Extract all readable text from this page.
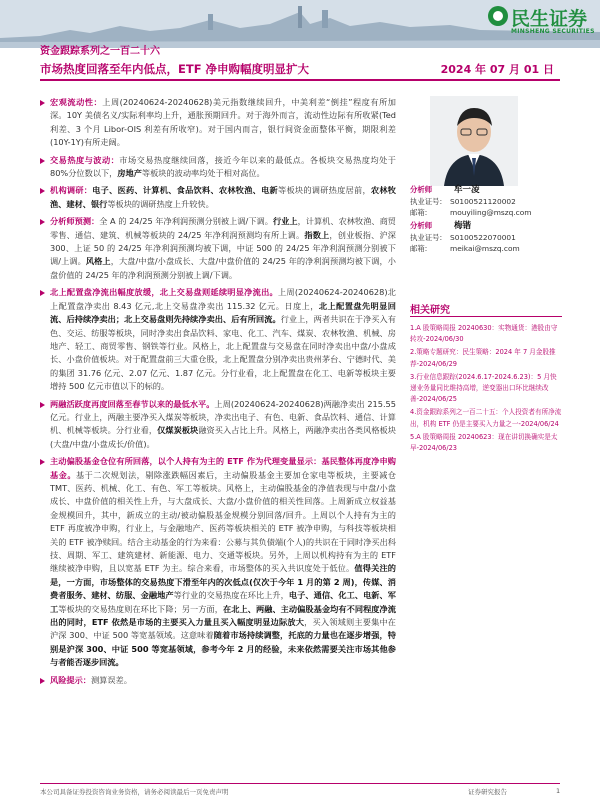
民生证券
MINSHENG SECURITIES
资金跟踪系列之一百二十六
市场热度回落至年内低点，ETF 净申购幅度明显扩大	2024 年 07 月 01 日

宏观流动性：上周(20240624-20240628)美元指数继续回升，中美利差“倒挂”程度有所加深。10Y 美债名义/实际利率均上升，通胀预期回升。对于海外而言，流动性边际有所收紧(Ted 利差、3 个月 Libor-OIS 利差有所收窄)。对于国内而言，银行间资金面整体平衡，期限利差(10Y-1Y)有所走阔。

交易热度与波动：市场交易热度继续回落，接近今年以来的最低点。各板块交易热度均处于 80%分位数以下，房地产等板块的波动率均处于相对高位。

机构调研：电子、医药、计算机、食品饮料、农林牧渔、电新等板块的调研热度居前，农林牧渔、建材、银行等板块的调研热度上升较快。

分析师预测：全 A 的 24/25 年净利润预测分别被上调/下调。行业上，计算机、农林牧渔、商贸零售、通信、建筑、机械等板块的 24/25 年净利润预测均有所上调。指数上，创业板指、沪深 300、上证 50 的 24/25 年净利润预测均被下调，中证 500 的 24/25 年净利润预测分别被下调/上调。风格上，大盘/中盘/小盘成长、大盘/中盘价值的 24/25 年的净利润预测均被下调，小盘价值的 24/25 年的净利润预测分别被上调/下调。

北上配置盘净流出幅度放缓，北上交易盘则延续明显净流出。上周(20240624-20240628)北上配置盘净卖出 8.43 亿元,北上交易盘净卖出 115.32 亿元。日度上，北上配置盘先明显回流、后持续净卖出；北上交易盘则先持续净卖出、后有所回流。行业上，两者共识在于净买入有色、交运、纺服等板块，同时净卖出食品饮料、家电、化工、汽车、煤炭、农林牧渔、机械、房地产、轻工、商贸零售、钢铁等行业。风格上，北上配置盘与交易盘在同时净卖出中盘/小盘成长、小盘价值板块。对于配置盘前三大重仓股，北上配置盘分别净卖出贵州茅台、宁德时代、美的集团 31.76 亿元、2.07 亿元、1.87 亿元。分行业看，北上配置盘在化工、电新等板块主要增持 500 亿元市值以下的标的。

两融活跃度再度回落至春节以来的最低水平。上周(20240624-20240628)两融净卖出 215.55 亿元。行业上，两融主要净买入煤炭等板块，净卖出电子、有色、电新、食品饮料、通信、计算机、机械等板块。分行业看，仅煤炭板块融资买入占比上升。风格上，两融净卖出各类风格板块(大盘/中盘/小盘成长/价值)。

主动偏股基金仓位有所回落，以个人持有为主的 ETF 作为代理变量显示：基民整体再度净申购基金。基于二次规划法，剔除涨跌幅因素后，主动偏股基金主要加仓家电等板块，主要减仓 TMT、医药、机械、化工、有色、军工等板块。风格上，主动偏股基金的净值表现与中盘/小盘成长、中盘价值的相关性上升，与大盘成长、大盘/小盘价值的相关性回落。上周新成立权益基金规模回升，其中，新成立的主动/被动偏股基金规模分别回落/回升。上周以个人持有为主的 ETF 再度被净申购，行业上，与金融地产、医药等板块相关的 ETF 被净申购，与科技等板块相关的 ETF 被净赎回。结合主动基金的行为来看：公募与其负债端(个人)的共识在于同时净买出科技、周期、军工、建筑建材、新能源、电力、交通等板块。另外，上周以机构持有为主的 ETF 继续被净申购，且以宽基 ETF 为主。综合来看，市场整体的买入共识度处于低位。值得关注的是，一方面，市场整体的交易热度下滑至年内的次低点(仅次于今年 1 月的第 2 周)，传媒、消费者服务、建材、纺服、金融地产等行业的交易热度在环比上升，电子、通信、化工、电新、军工等板块的交易热度则在环比下降；另一方面，在北上、两融、主动偏股基金均有不同程度净流出的同时，ETF 依然是市场的主要买入力量且买入幅度明显边际放大，买入领域则主要集中在沪深 300、中证 500 等宽基领域。这意味着随着市场持续调整，托底的力量也在逐步增强，特别是沪深 300、中证 500 等宽基领域，参考今年 2 月的经验，未来依然需要关注市场其他参与者能否逐步回流。

风险提示：测算误差。

分析师	牟一凌
执业证号: S0100521120002
邮箱:	mouyiling@mszq.com
分析师	梅锴
执业证号: S0100522070001
邮箱:	meikai@mszq.com
相关研究
1.A 股策略周报 20240630：实物通货：港股由守转攻-2024/06/30
2.策略专题研究：民生策略：2024 年 7 月金股推荐-2024/06/29
3.行业信息跟踪(2024.6.17-2024.6.23)：5 月快递业务量同比维持高增，逆变器出口环比继续改善-2024/06/25
4.资金跟踪系列之一百二十五：个人投资者有所净流出，机构 ETF 仍是主要买入力量之一-2024/06/24
5.A 股策略周报 20240623：现在讲切换确实是太早-2024/06/23
本公司具备证券投资咨询业务资格，请务必阅读最后一页免责声明	证券研究报告	1
